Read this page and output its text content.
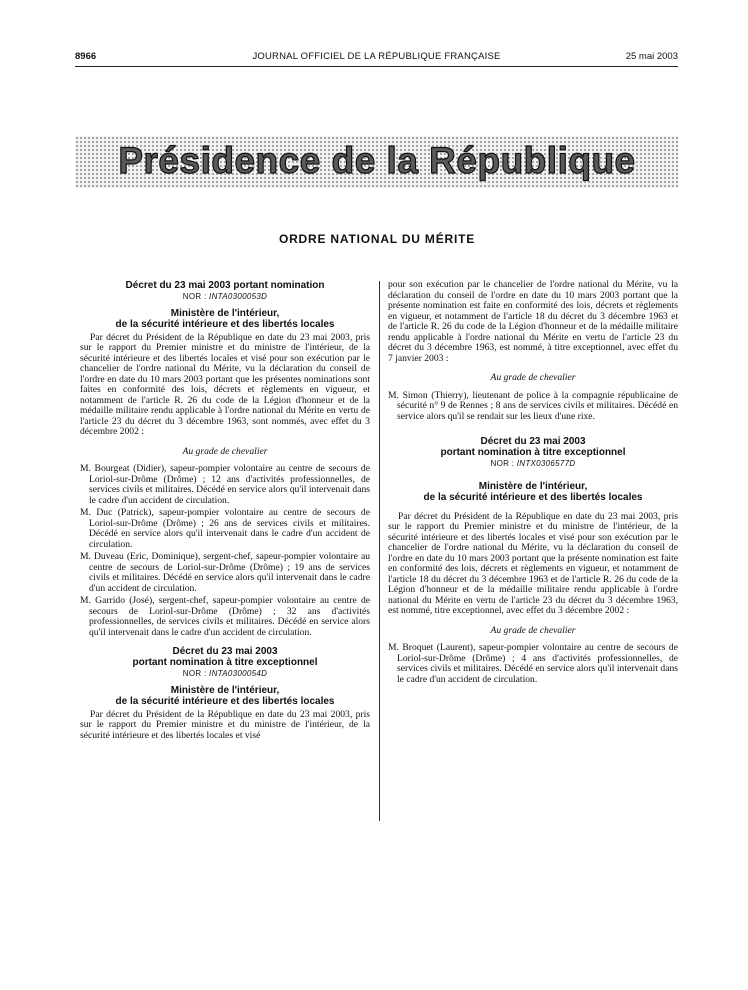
8966	JOURNAL OFFICIEL DE LA RÉPUBLIQUE FRANÇAISE	25 mai 2003
Présidence de la République
ORDRE NATIONAL DU MÉRITE

Décret du 23 mai 2003 portant nomination

NOR : INTA0300053D

Ministère de l'intérieur,
de la sécurité intérieure et des libertés locales

Par décret du Président de la République en date du 23 mai 2003, pris sur le rapport du Premier ministre et du ministre de l'intérieur, de la sécurité intérieure et des libertés locales et visé pour son exécution par le chancelier de l'ordre national du Mérite, vu la déclaration du conseil de l'ordre en date du 10 mars 2003 portant que les présentes nominations sont faites en conformité des lois, décrets et règlements en vigueur, et notamment de l'article R. 26 du code de la Légion d'honneur et de la médaille militaire rendu applicable à l'ordre national du Mérite en vertu de l'article 23 du décret du 3 décembre 1963, sont nommés, avec effet du 3 décembre 2002 :

Au grade de chevalier

M. Bourgeat (Didier), sapeur-pompier volontaire au centre de secours de Loriol-sur-Drôme (Drôme) ; 12 ans d'activités professionnelles, de services civils et militaires. Décédé en service alors qu'il intervenait dans le cadre d'un accident de circulation.

M. Duc (Patrick), sapeur-pompier volontaire au centre de secours de Loriol-sur-Drôme (Drôme) ; 26 ans de services civils et militaires. Décédé en service alors qu'il intervenait dans le cadre d'un accident de circulation.

M. Duveau (Eric, Dominique), sergent-chef, sapeur-pompier volontaire au centre de secours de Loriol-sur-Drôme (Drôme) ; 19 ans de services civils et militaires. Décédé en service alors qu'il intervenait dans le cadre d'un accident de circulation.

M. Garrido (José), sergent-chef, sapeur-pompier volontaire au centre de secours de Loriol-sur-Drôme (Drôme) ; 32 ans d'activités professionnelles, de services civils et militaires. Décédé en service alors qu'il intervenait dans le cadre d'un accident de circulation.

Décret du 23 mai 2003
portant nomination à titre exceptionnel

NOR : INTA0300054D

Ministère de l'intérieur,
de la sécurité intérieure et des libertés locales

Par décret du Président de la République en date du 23 mai 2003, pris sur le rapport du Premier ministre et du ministre de l'intérieur, de la sécurité intérieure et des libertés locales et visé

pour son exécution par le chancelier de l'ordre national du Mérite, vu la déclaration du conseil de l'ordre en date du 10 mars 2003 portant que la présente nomination est faite en conformité des lois, décrets et règlements en vigueur, et notamment de l'article 18 du décret du 3 décembre 1963 et de l'article R. 26 du code de la Légion d'honneur et de la médaille militaire rendu applicable à l'ordre national du Mérite en vertu de l'article 23 du décret du 3 décembre 1963, est nommé, à titre exceptionnel, avec effet du 7 janvier 2003 :

Au grade de chevalier

M. Simon (Thierry), lieutenant de police à la compagnie républicaine de sécurité n° 9 de Rennes ; 8 ans de services civils et militaires. Décédé en service alors qu'il se rendait sur les lieux d'une rixe.

Décret du 23 mai 2003
portant nomination à titre exceptionnel

NOR : INTX0306577D

Ministère de l'intérieur,
de la sécurité intérieure et des libertés locales

Par décret du Président de la République en date du 23 mai 2003, pris sur le rapport du Premier ministre et du ministre de l'intérieur, de la sécurité intérieure et des libertés locales et visé pour son exécution par le chancelier de l'ordre national du Mérite, vu la déclaration du conseil de l'ordre en date du 10 mars 2003 portant que la présente nomination est faite en conformité des lois, décrets et règlements en vigueur, et notamment de l'article 18 du décret du 3 décembre 1963 et de l'article R. 26 du code de la Légion d'honneur et de la médaille militaire rendu applicable à l'ordre national du Mérite en vertu de l'article 23 du décret du 3 décembre 1963, est nommé, titre exceptionnel, avec effet du 3 décembre 2002 :

Au grade de chevalier

M. Broquet (Laurent), sapeur-pompier volontaire au centre de secours de Loriol-sur-Drôme (Drôme) ; 4 ans d'activités professionnelles, de services civils et militaires. Décédé en service alors qu'il intervenait dans le cadre d'un accident de circulation.
